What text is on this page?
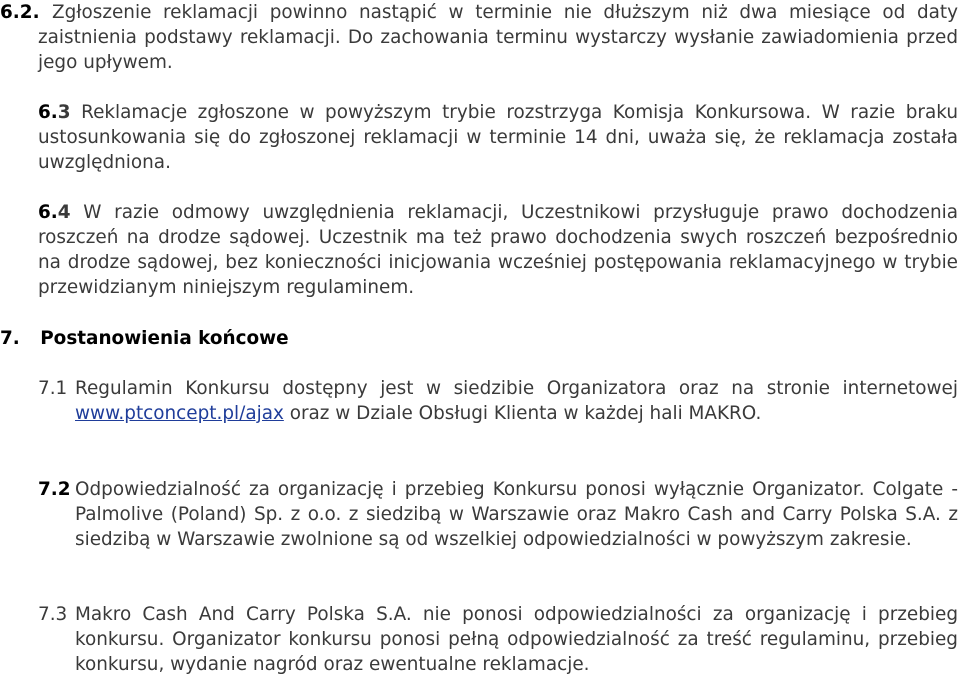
6.2. Zgłoszenie reklamacji powinno nastąpić w terminie nie dłuższym niż dwa miesiące od daty zaistnienia podstawy reklamacji. Do zachowania terminu wystarczy wysłanie zawiadomienia przed jego upływem.

6.3 Reklamacje zgłoszone w powyższym trybie rozstrzyga Komisja Konkursowa. W razie braku ustosunkowania się do zgłoszonej reklamacji w terminie 14 dni, uważa się, że reklamacja została uwzględniona.

6.4 W razie odmowy uwzględnienia reklamacji, Uczestnikowi przysługuje prawo dochodzenia roszczeń na drodze sądowej. Uczestnik ma też prawo dochodzenia swych roszczeń bezpośrednio na drodze sądowej, bez konieczności inicjowania wcześniej postępowania reklamacyjnego w trybie przewidzianym niniejszym regulaminem.

7. Postanowienia końcowe
7.1 Regulamin Konkursu dostępny jest w siedzibie Organizatora oraz na stronie internetowej www.ptconcept.pl/ajax oraz w Dziale Obsługi Klienta w każdej hali MAKRO.
7.2 Odpowiedzialność za organizację i przebieg Konkursu ponosi wyłącznie Organizator. Colgate - Palmolive (Poland) Sp. z o.o. z siedzibą w Warszawie oraz Makro Cash and Carry Polska S.A. z siedzibą w Warszawie zwolnione są od wszelkiej odpowiedzialności w powyższym zakresie.
7.3 Makro Cash And Carry Polska S.A. nie ponosi odpowiedzialności za organizację i przebieg konkursu. Organizator konkursu ponosi pełną odpowiedzialność za treść regulaminu, przebieg konkursu, wydanie nagród oraz ewentualne reklamacje.
